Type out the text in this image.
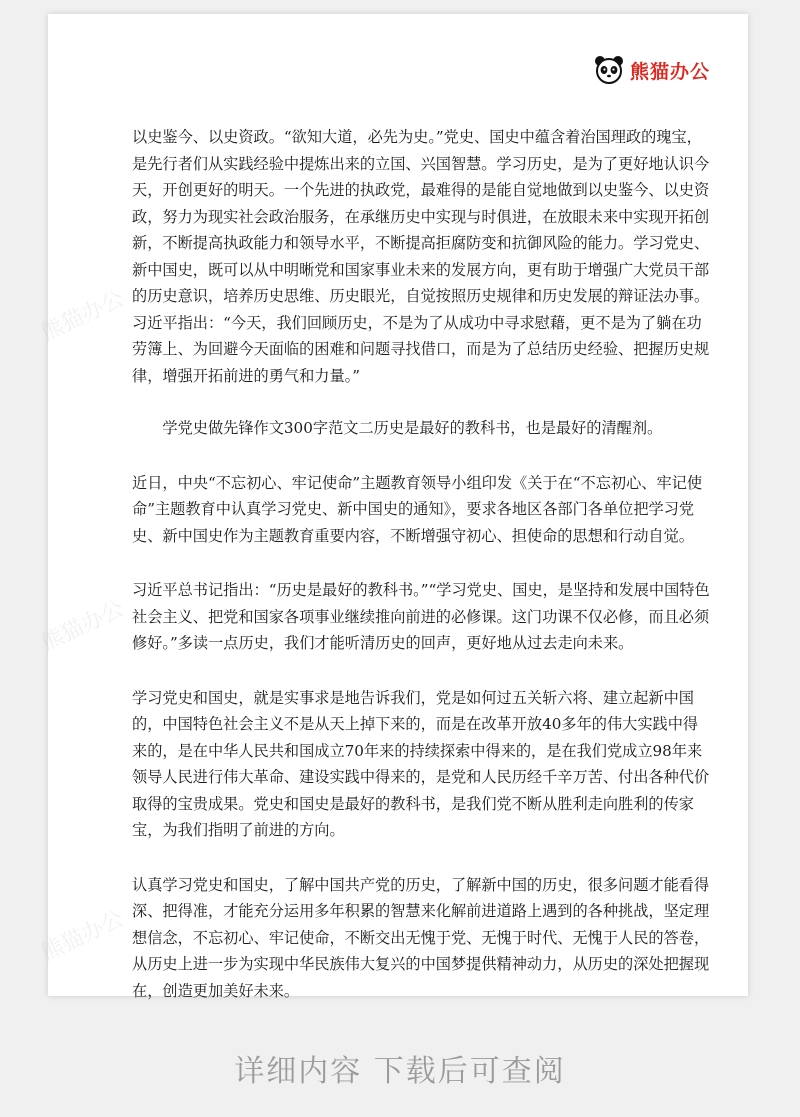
熊猫办公
熊猫办公
熊猫办公
熊猫办公

以史鉴今、以史资政。“欲知大道，必先为史。”党史、国史中蕴含着治国理政的瑰宝，是先行者们从实践经验中提炼出来的立国、兴国智慧。学习历史，是为了更好地认识今天，开创更好的明天。一个先进的执政党，最难得的是能自觉地做到以史鉴今、以史资政，努力为现实社会政治服务，在承继历史中实现与时俱进，在放眼未来中实现开拓创新，不断提高执政能力和领导水平，不断提高拒腐防变和抗御风险的能力。学习党史、新中国史，既可以从中明晰党和国家事业未来的发展方向，更有助于增强广大党员干部的历史意识，培养历史思维、历史眼光，自觉按照历史规律和历史发展的辩证法办事。习近平指出：“今天，我们回顾历史，不是为了从成功中寻求慰藉，更不是为了躺在功劳簿上、为回避今天面临的困难和问题寻找借口，而是为了总结历史经验、把握历史规律，增强开拓前进的勇气和力量。”

学党史做先锋作文300字范文二历史是最好的教科书，也是最好的清醒剂。

近日，中央“不忘初心、牢记使命”主题教育领导小组印发《关于在“不忘初心、牢记使命”主题教育中认真学习党史、新中国史的通知》，要求各地区各部门各单位把学习党史、新中国史作为主题教育重要内容，不断增强守初心、担使命的思想和行动自觉。

习近平总书记指出：“历史是最好的教科书。”“学习党史、国史，是坚持和发展中国特色社会主义、把党和国家各项事业继续推向前进的必修课。这门功课不仅必修，而且必须修好。”多读一点历史，我们才能听清历史的回声，更好地从过去走向未来。

学习党史和国史，就是实事求是地告诉我们，党是如何过五关斩六将、建立起新中国的，中国特色社会主义不是从天上掉下来的，而是在改革开放40多年的伟大实践中得来的，是在中华人民共和国成立70年来的持续探索中得来的，是在我们党成立98年来领导人民进行伟大革命、建设实践中得来的，是党和人民历经千辛万苦、付出各种代价取得的宝贵成果。党史和国史是最好的教科书，是我们党不断从胜利走向胜利的传家宝，为我们指明了前进的方向。

认真学习党史和国史，了解中国共产党的历史，了解新中国的历史，很多问题才能看得深、把得准，才能充分运用多年积累的智慧来化解前进道路上遇到的各种挑战，坚定理想信念，不忘初心、牢记使命，不断交出无愧于党、无愧于时代、无愧于人民的答卷，从历史上进一步为实现中华民族伟大复兴的中国梦提供精神动力，从历史的深处把握现在，创造更加美好未来。

详细内容 下载后可查阅
